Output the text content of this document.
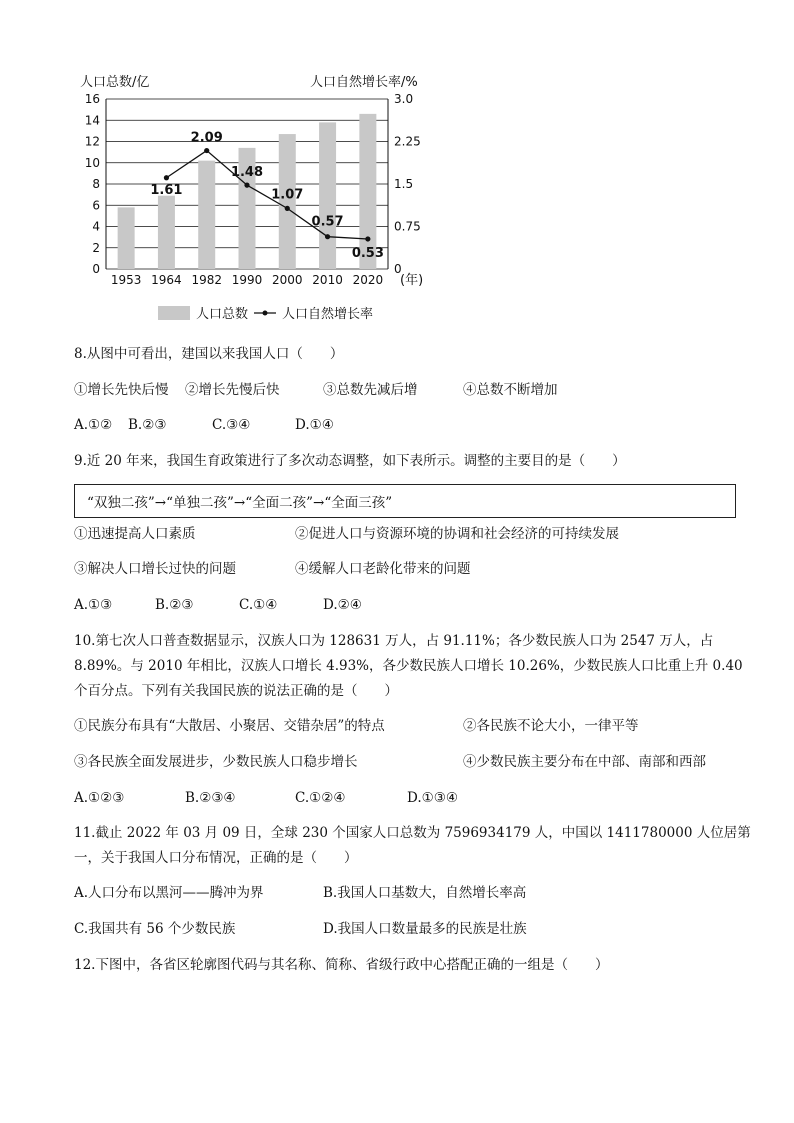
人口总数/亿	人口自然增长率/%
1.61
2.09
1.48
1.07
0.57
0.53
0
2
4
6
8
10
12
14
16
0
0.75
1.5
2.25
3.0
1953 1964 1982 1990 2000 2010 2020 (年)
人口总数	人口自然增长率
8.从图中可看出，建国以来我国人口（　　）
①增长先快后慢 ②增长先慢后快	③总数先减后增	④总数不断增加
A.①② B.②③	C.③④	D.①④
9.近 20 年来，我国生育政策进行了多次动态调整，如下表所示。调整的主要目的是（　　）
“双独二孩”→“单独二孩”→“全面二孩”→“全面三孩”
①迅速提高人口素质	②促进人口与资源环境的协调和社会经济的可持续发展
③解决人口增长过快的问题	④缓解人口老龄化带来的问题
A.①③	B.②③	C.①④	D.②④
10.第七次人口普查数据显示，汉族人口为 128631 万人，占 91.11%；各少数民族人口为 2547 万人，占
8.89%。与 2010 年相比，汉族人口增长 4.93%，各少数民族人口增长 10.26%，少数民族人口比重上升 0.40
个百分点。下列有关我国民族的说法正确的是（　　）
①民族分布具有“大散居、小聚居、交错杂居”的特点	②各民族不论大小，一律平等
③各民族全面发展进步，少数民族人口稳步增长	④少数民族主要分布在中部、南部和西部
A.①②③	B.②③④	C.①②④	D.①③④
11.截止 2022 年 03 月 09 日，全球 230 个国家人口总数为 7596934179 人，中国以 1411780000 人位居第
一，关于我国人口分布情况，正确的是（　　）
A.人口分布以黑河——腾冲为界	B.我国人口基数大，自然增长率高
C.我国共有 56 个少数民族	D.我国人口数量最多的民族是壮族
12.下图中，各省区轮廓图代码与其名称、简称、省级行政中心搭配正确的一组是（　　）
